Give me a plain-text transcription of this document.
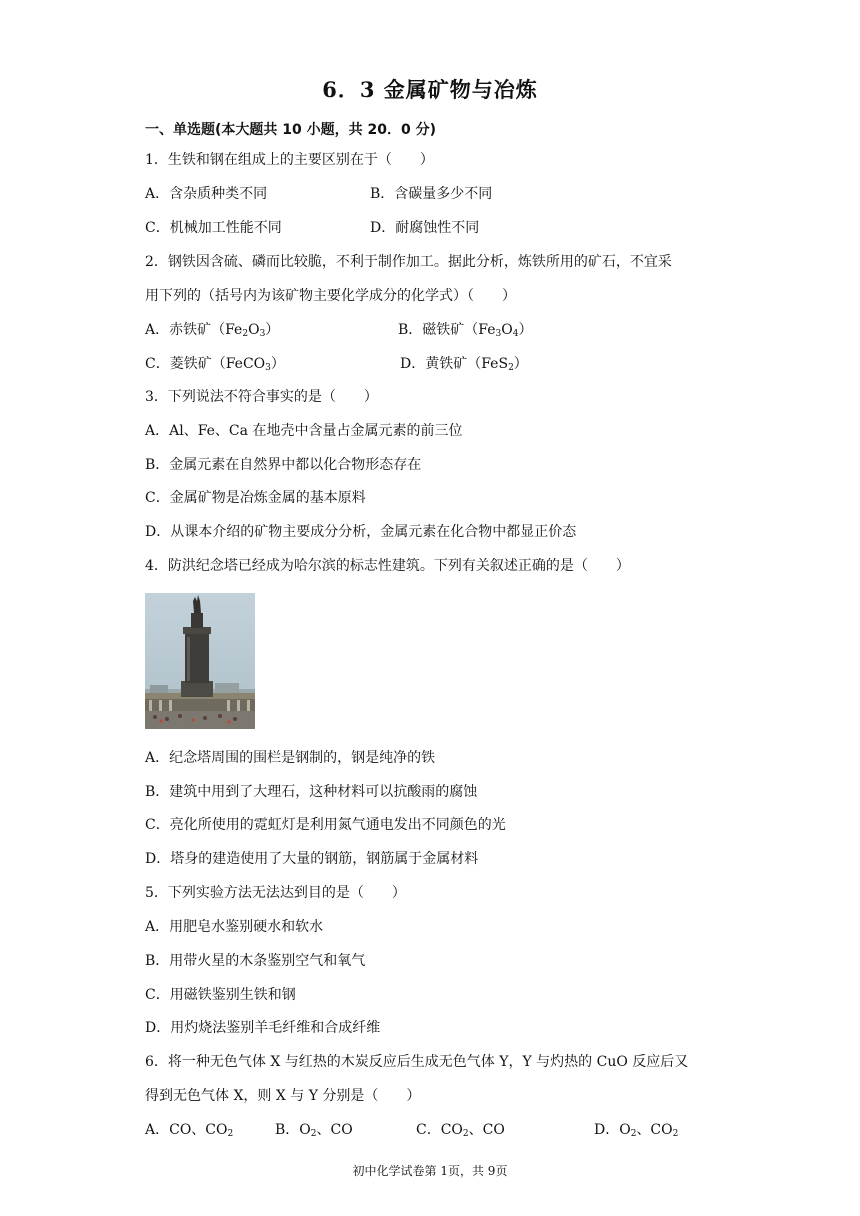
6．3 金属矿物与冶炼
一、单选题(本大题共 10 小题，共 20．0 分)
1．生铁和钢在组成上的主要区别在于（　　）
A．含杂质种类不同	B．含碳量多少不同
C．机械加工性能不同	D．耐腐蚀性不同
2．钢铁因含硫、磷而比较脆，不利于制作加工。据此分析，炼铁所用的矿石，不宜采
用下列的（括号内为该矿物主要化学成分的化学式）（　　）
A．赤铁矿$(Fe_2O_3)$	B．磁铁矿$(Fe_3O_4)$
C．菱铁矿（FeCO$_3$）	D．黄铁矿（FeS$_2$）
3．下列说法不符合事实的是（　　）
A．Al、Fe、Ca 在地壳中含量占金属元素的前三位
B．金属元素在自然界中都以化合物形态存在
C．金属矿物是冶炼金属的基本原料
D．从课本介绍的矿物主要成分分析，金属元素在化合物中都显正价态
4．防洪纪念塔已经成为哈尔滨的标志性建筑。下列有关叙述正确的是（　　）
A．纪念塔周围的围栏是钢制的，钢是纯净的铁
B．建筑中用到了大理石，这种材料可以抗酸雨的腐蚀
C．亮化所使用的霓虹灯是利用氮气通电发出不同颜色的光
D．塔身的建造使用了大量的钢筋，钢筋属于金属材料
5．下列实验方法无法达到目的是（　　）
A．用肥皂水鉴别硬水和软水
B．用带火星的木条鉴别空气和氧气
C．用磁铁鉴别生铁和钢
D．用灼烧法鉴别羊毛纤维和合成纤维
6．将一种无色气体 X 与红热的木炭反应后生成无色气体 Y，Y 与灼热的 CuO 反应后又
得到无色气体 X，则 X 与 Y 分别是（　　）
A．CO、$CO_2$	B．$O_2$、CO	C．$CO_2$、CO	D．$O_2$、$CO_2$
初中化学试卷第 1页，共 9页
